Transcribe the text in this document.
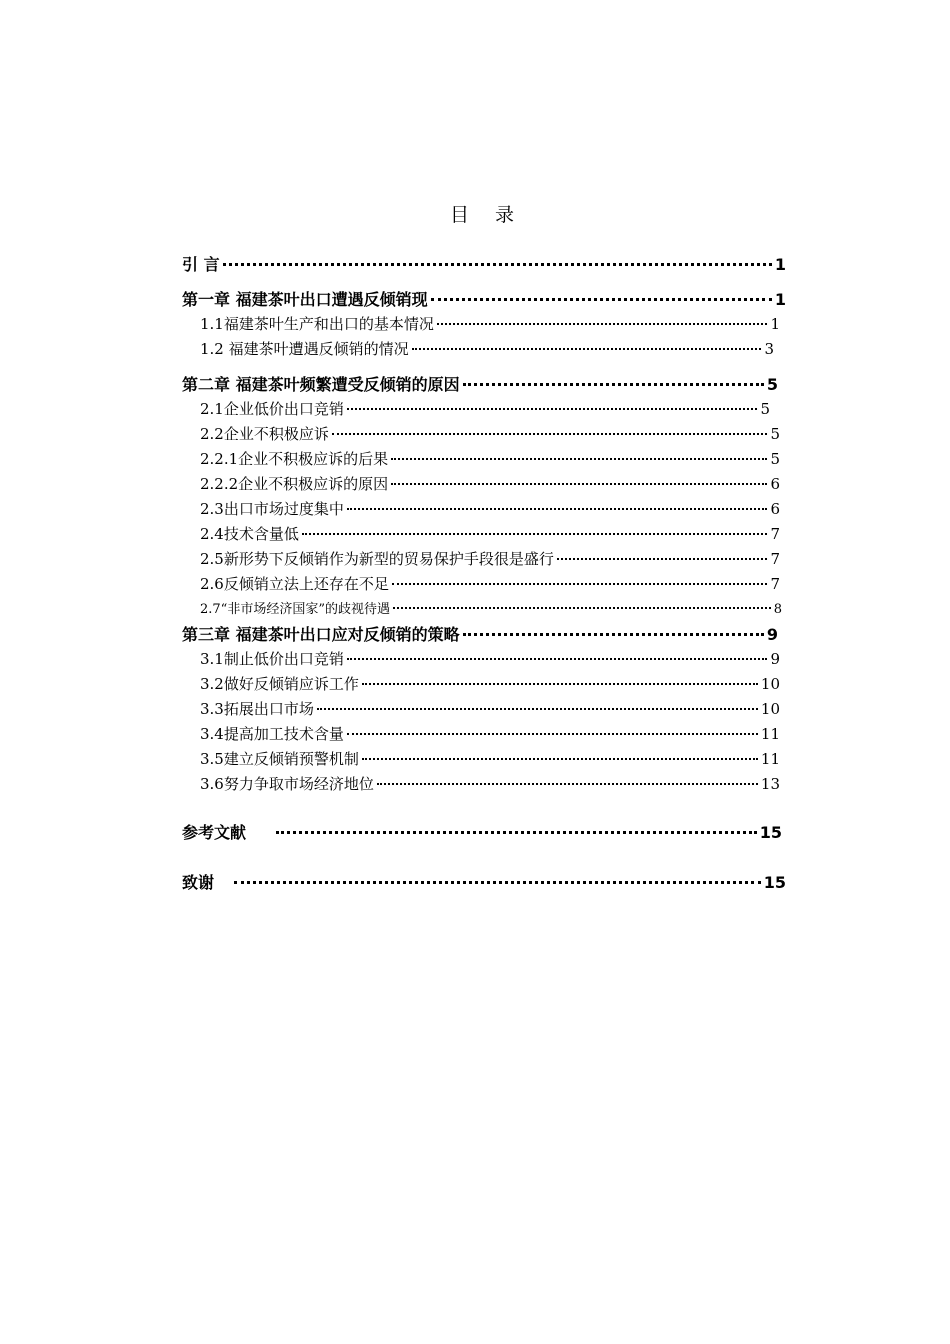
目录
引 言	1
第一章 福建茶叶出口遭遇反倾销现	1
1.1福建茶叶生产和出口的基本情况	1
1.2 福建茶叶遭遇反倾销的情况	3
第二章 福建茶叶频繁遭受反倾销的原因	5
2.1企业低价出口竞销	5
2.2企业不积极应诉	5
2.2.1企业不积极应诉的后果	5
2.2.2企业不积极应诉的原因	6
2.3出口市场过度集中	6
2.4技术含量低	7
2.5新形势下反倾销作为新型的贸易保护手段很是盛行	7
2.6反倾销立法上还存在不足	7
2.7“非市场经济国家”的歧视待遇	8
第三章 福建茶叶出口应对反倾销的策略	9
3.1制止低价出口竞销	9
3.2做好反倾销应诉工作	10
3.3拓展出口市场	10
3.4提高加工技术含量	11
3.5建立反倾销预警机制	11
3.6努力争取市场经济地位	13
参考文献	15
致谢	15
